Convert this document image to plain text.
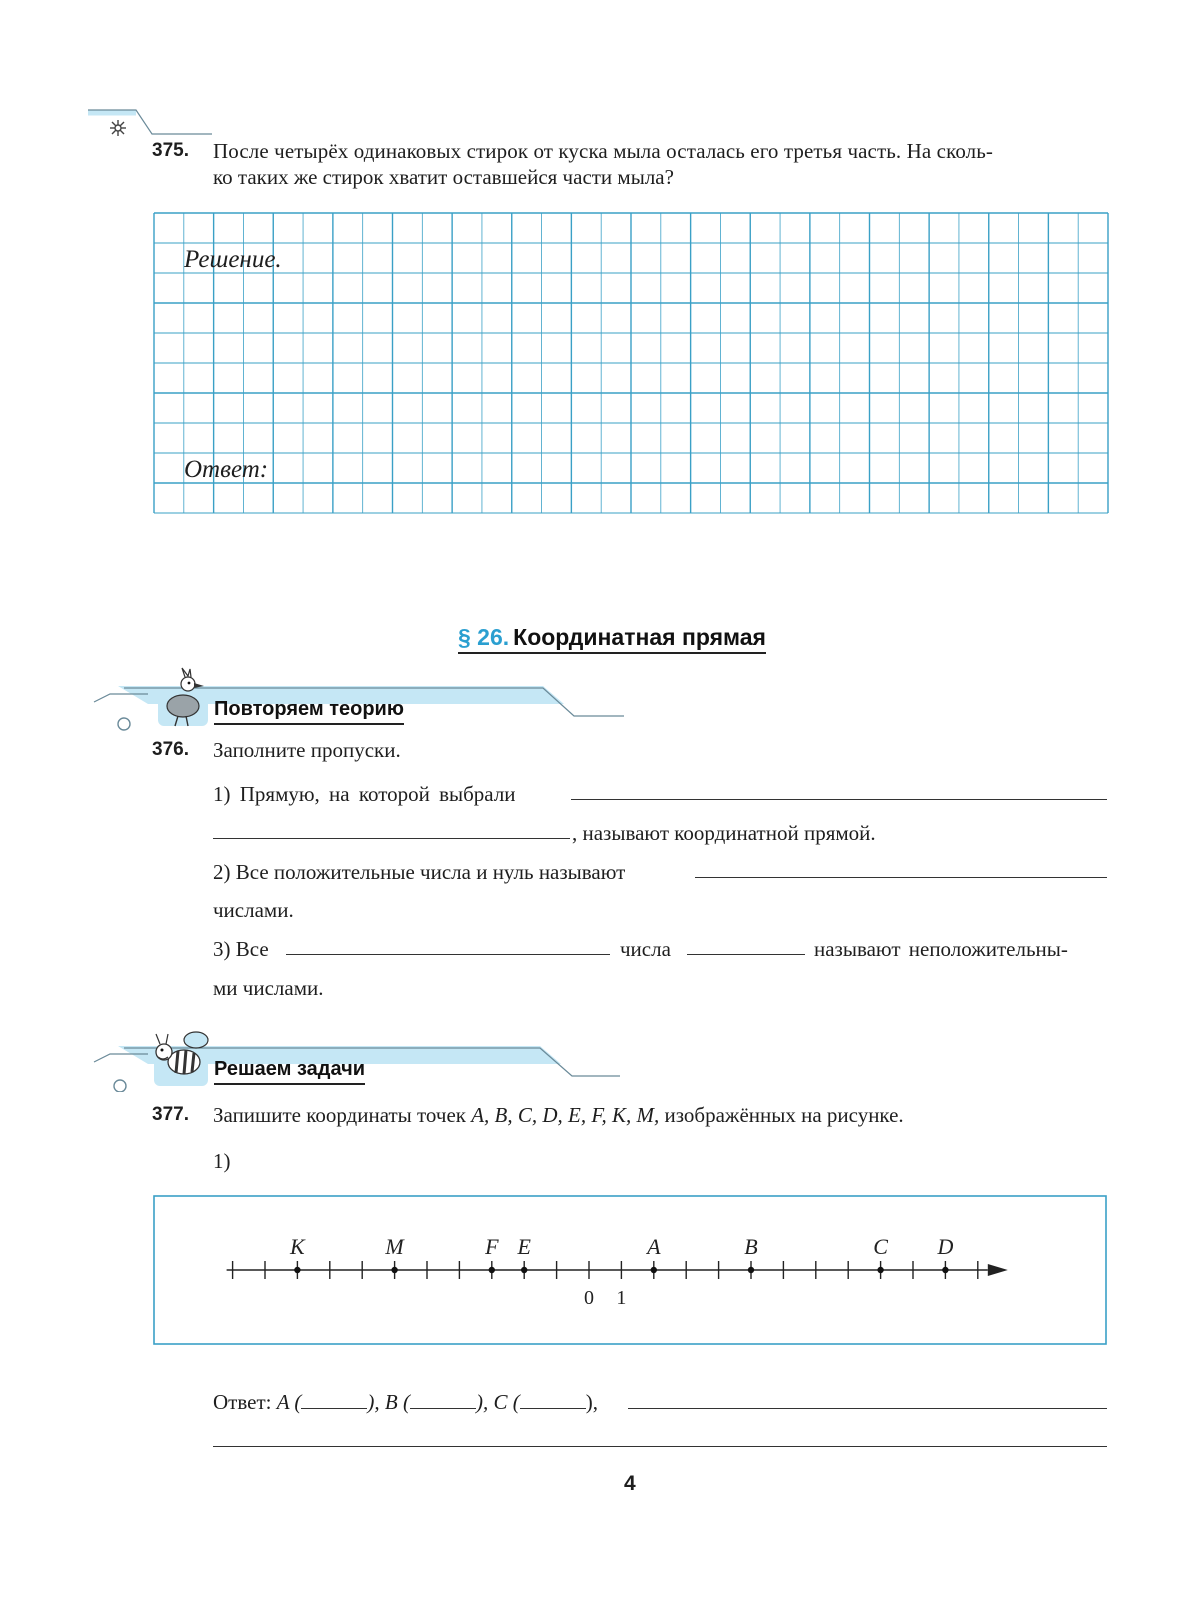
375. После четырёх одинаковых стирок от куска мыла осталась его третья часть. На сколь-
ко таких же стирок хватит оставшейся части мыла?
Решение.
Ответ:
§ 26. Координатная прямая
Повторяем теорию
376. Заполните пропуски.
1) Прямую, на которой выбрали
, называют координатной прямой.
2) Все положительные числа и нуль называют
числами.
3) Все	числа	называют неположительны-
ми числами.
Решаем задачи
377. Запишите координаты точек A, B, C, D, E, F, K, M, изображённых на рисунке.
1)
0 1
K	M	F E	A	B	C D
Ответ: A (	), B (	), C (	),
4
